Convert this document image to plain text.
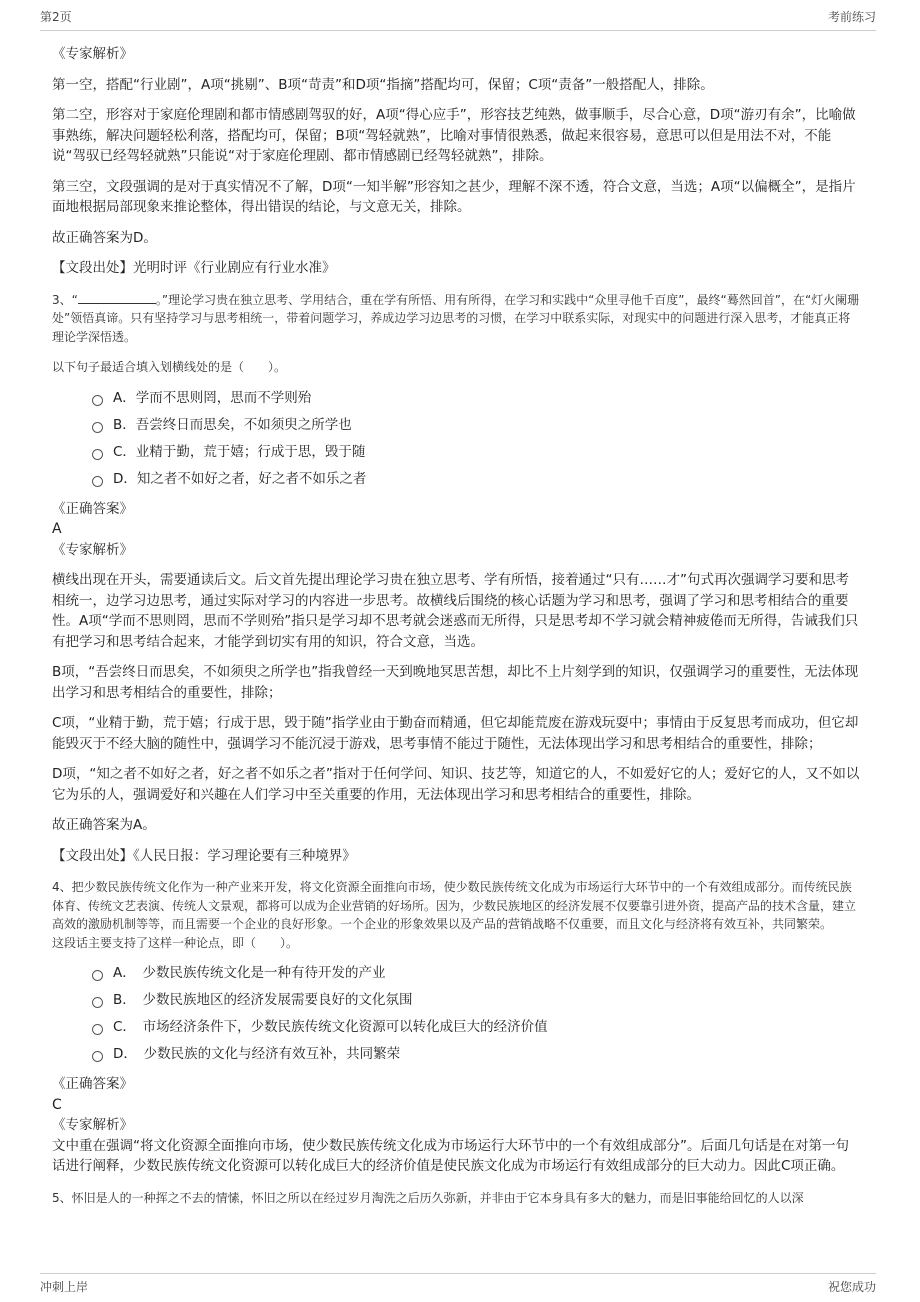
第2页	考前练习

《专家解析》

第一空，搭配“行业剧”，A项“挑剔”、B项“苛责”和D项“指摘”搭配均可，保留；C项“责备”一般搭配人，排除。

第二空，形容对于家庭伦理剧和都市情感剧驾驭的好，A项“得心应手”，形容技艺纯熟，做事顺手，尽合心意，D项“游刃有余”，比喻做事熟练，解决问题轻松利落，搭配均可，保留；B项“驾轻就熟”，比喻对事情很熟悉，做起来很容易，意思可以但是用法不对，不能说“驾驭已经驾轻就熟”只能说“对于家庭伦理剧、都市情感剧已经驾轻就熟”，排除。

第三空，文段强调的是对于真实情况不了解，D项“一知半解”形容知之甚少，理解不深不透，符合文意，当选；A项“以偏概全”，是指片面地根据局部现象来推论整体，得出错误的结论，与文意无关，排除。

故正确答案为D。

【文段出处】光明时评《行业剧应有行业水准》

3、“	。”理论学习贵在独立思考、学用结合，重在学有所悟、用有所得，在学习和实践中“众里寻他千百度”，最终“蓦然回首”，在“灯火阑珊处”领悟真谛。只有坚持学习与思考相统一，带着问题学习，养成边学习边思考的习惯，在学习中联系实际，对现实中的问题进行深入思考，才能真正将理论学深悟透。

以下句子最适合填入划横线处的是（　　）。

A．学而不思则罔，思而不学则殆
B．吾尝终日而思矣，不如须臾之所学也
C．业精于勤，荒于嬉；行成于思，毁于随
D．知之者不如好之者，好之者不如乐之者

《正确答案》

A

《专家解析》

横线出现在开头，需要通读后文。后文首先提出理论学习贵在独立思考、学有所悟，接着通过“只有……才”句式再次强调学习要和思考相统一，边学习边思考，通过实际对学习的内容进一步思考。故横线后围绕的核心话题为学习和思考，强调了学习和思考相结合的重要性。A项“学而不思则罔，思而不学则殆”指只是学习却不思考就会迷惑而无所得，只是思考却不学习就会精神疲倦而无所得，告诫我们只有把学习和思考结合起来，才能学到切实有用的知识，符合文意，当选。

B项，“吾尝终日而思矣，不如须臾之所学也”指我曾经一天到晚地冥思苦想，却比不上片刻学到的知识，仅强调学习的重要性，无法体现出学习和思考相结合的重要性，排除；

C项，“业精于勤，荒于嬉；行成于思，毁于随”指学业由于勤奋而精通，但它却能荒废在游戏玩耍中；事情由于反复思考而成功，但它却能毁灭于不经大脑的随性中，强调学习不能沉浸于游戏，思考事情不能过于随性，无法体现出学习和思考相结合的重要性，排除；

D项，“知之者不如好之者，好之者不如乐之者”指对于任何学问、知识、技艺等，知道它的人，不如爱好它的人；爱好它的人，又不如以它为乐的人，强调爱好和兴趣在人们学习中至关重要的作用，无法体现出学习和思考相结合的重要性，排除。

故正确答案为A。

【文段出处】《人民日报：学习理论要有三种境界》

4、把少数民族传统文化作为一种产业来开发，将文化资源全面推向市场，使少数民族传统文化成为市场运行大环节中的一个有效组成部分。而传统民族体育、传统文艺表演、传统人文景观，都将可以成为企业营销的好场所。因为，少数民族地区的经济发展不仅要靠引进外资，提高产品的技术含量，建立高效的激励机制等等，而且需要一个企业的良好形象。一个企业的形象效果以及产品的营销战略不仅重要，而且文化与经济将有效互补，共同繁荣。

这段话主要支持了这样一种论点，即（　　）。

A．　少数民族传统文化是一种有待开发的产业
B．　少数民族地区的经济发展需要良好的文化氛围
C．　市场经济条件下，少数民族传统文化资源可以转化成巨大的经济价值
D．　少数民族的文化与经济有效互补，共同繁荣

《正确答案》

C

《专家解析》

文中重在强调“将文化资源全面推向市场，使少数民族传统文化成为市场运行大环节中的一个有效组成部分”。后面几句话是在对第一句话进行阐释，少数民族传统文化资源可以转化成巨大的经济价值是使民族文化成为市场运行有效组成部分的巨大动力。因此C项正确。

5、怀旧是人的一种挥之不去的情愫，怀旧之所以在经过岁月淘洗之后历久弥新，并非由于它本身具有多大的魅力，而是旧事能给回忆的人以深

冲刺上岸	祝您成功
